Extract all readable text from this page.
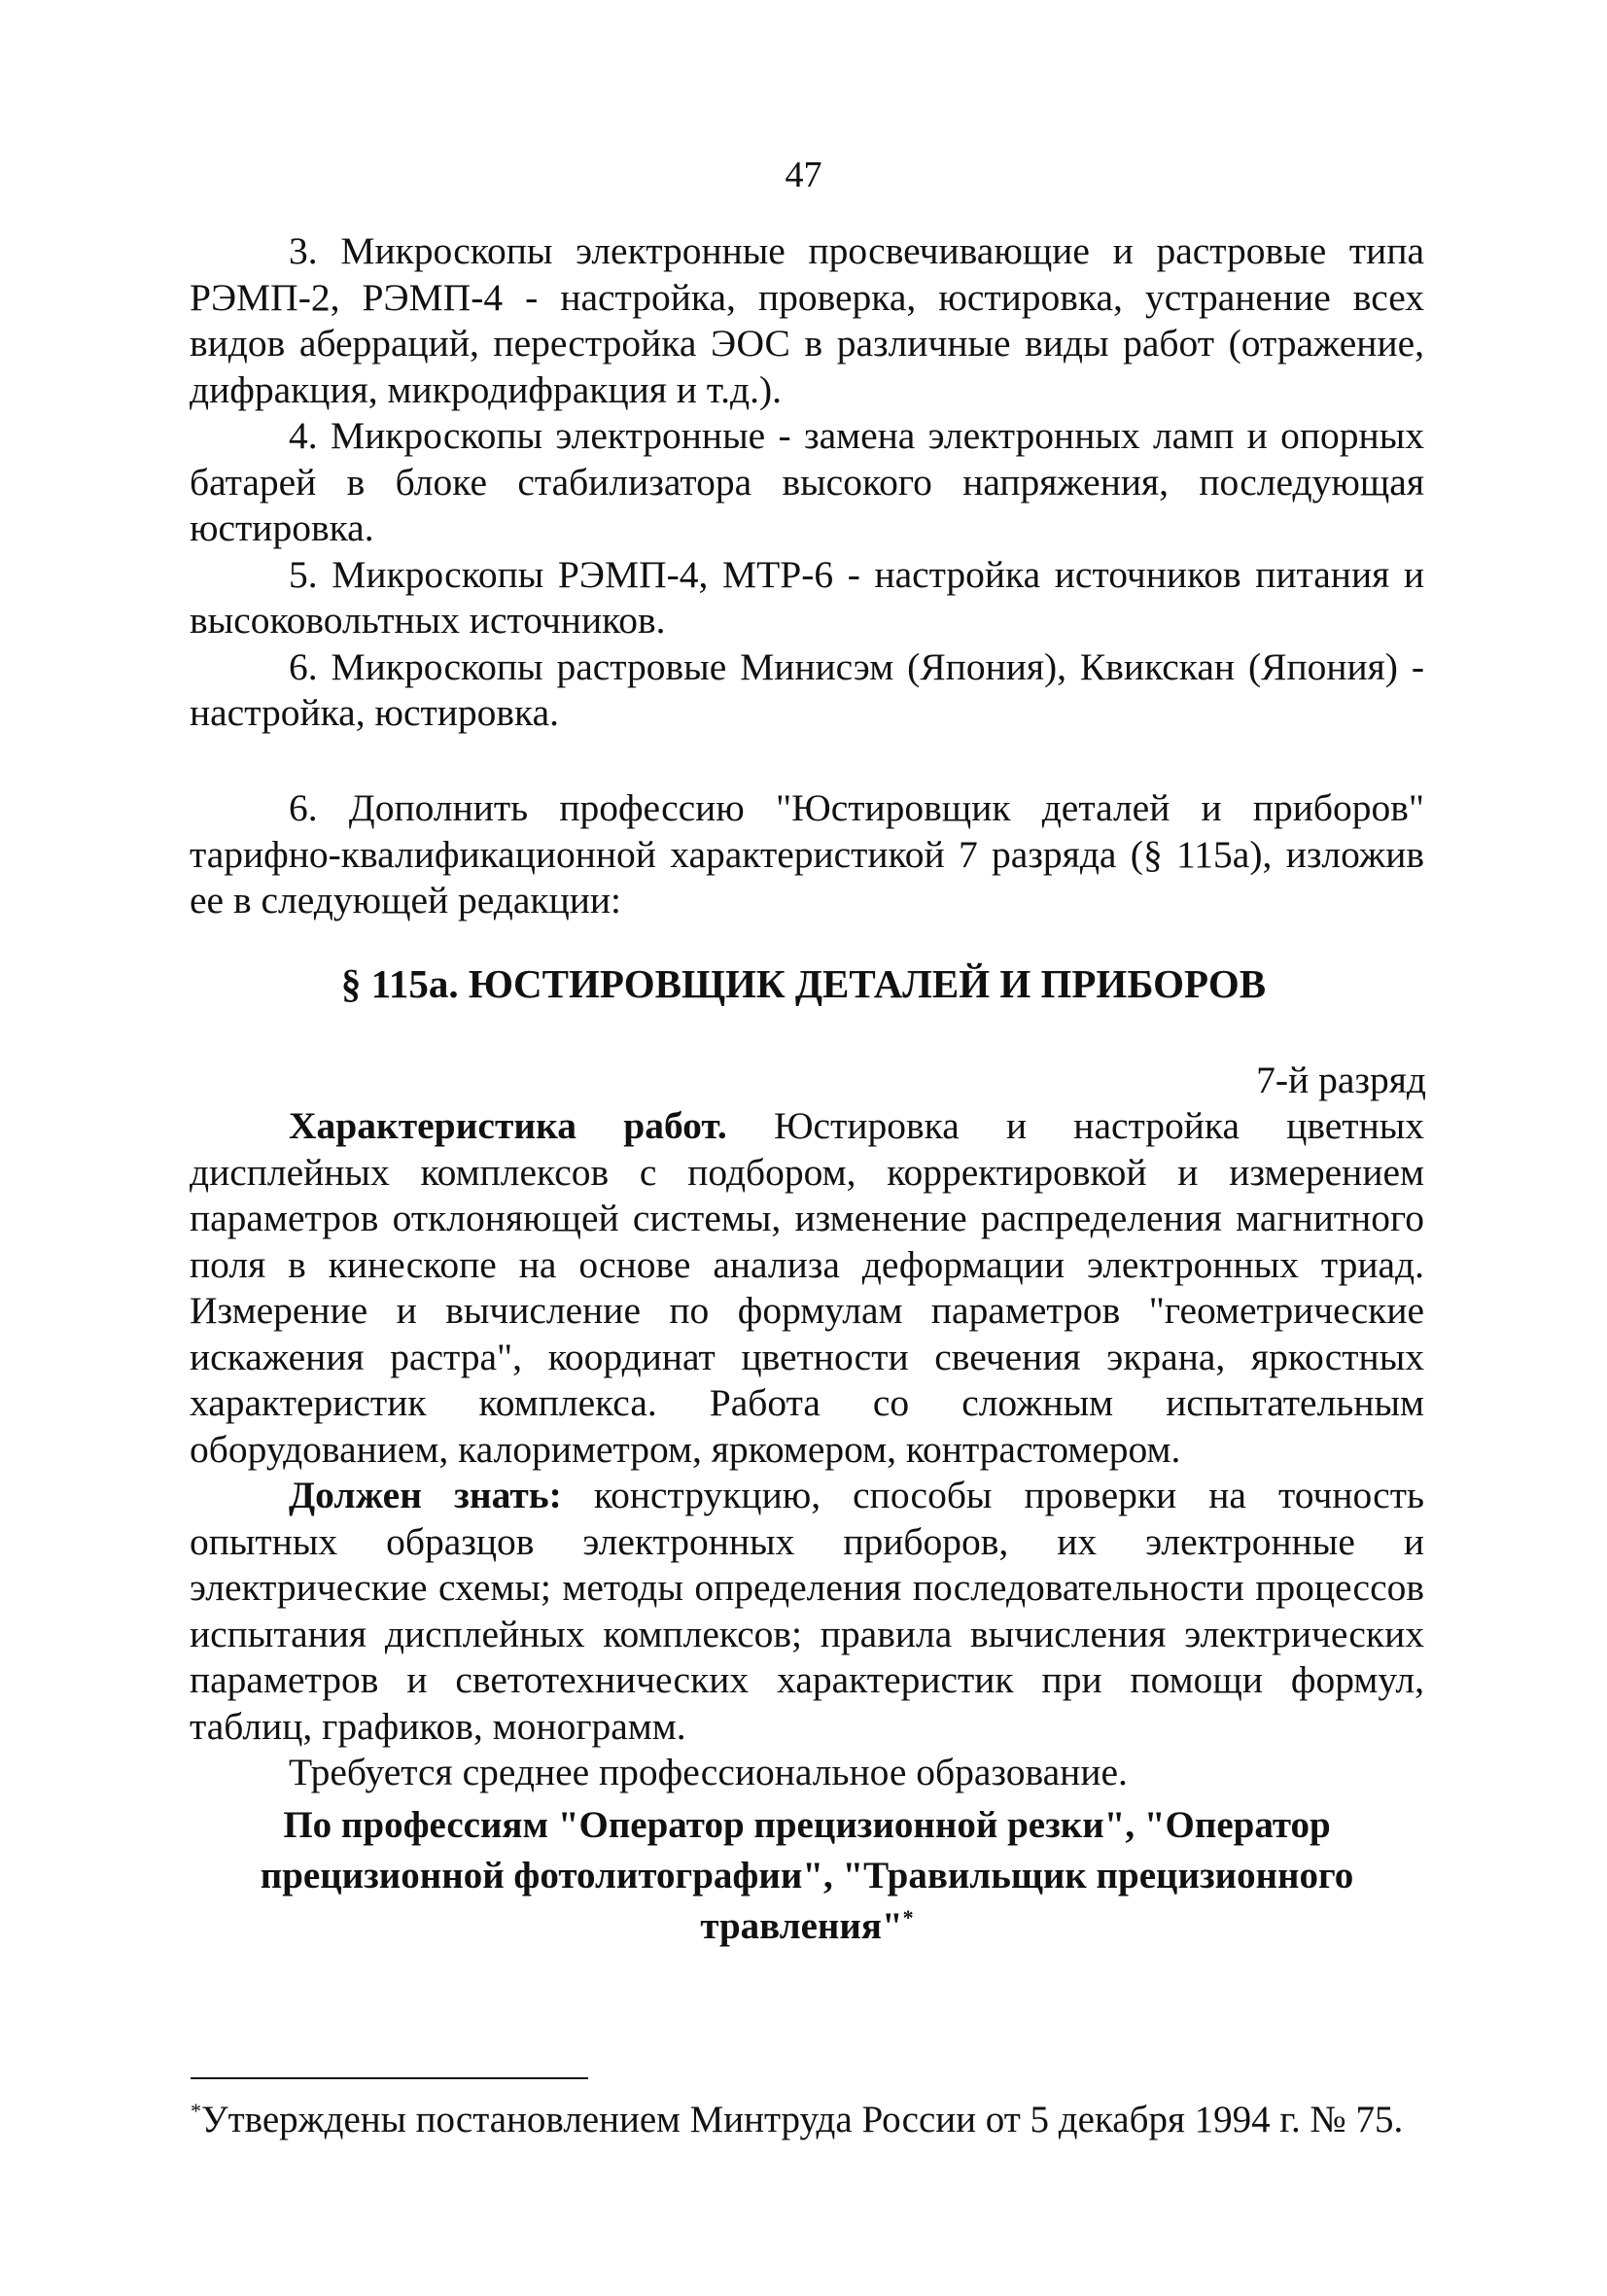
47

3. Микроскопы электронные просвечивающие и растровые типа РЭМП-2, РЭМП-4 - настройка, проверка, юстировка, устранение всех видов аберраций, перестройка ЭОС в различные виды работ (отражение, дифракция, микродифракция и т.д.).

4. Микроскопы электронные - замена электронных ламп и опорных батарей в блоке стабилизатора высокого напряжения, последующая юстировка.

5. Микроскопы РЭМП-4, МТР-6 - настройка источников питания и высоковольтных источников.

6. Микроскопы растровые Минисэм (Япония), Квикскан (Япония) - настройка, юстировка.

6. Дополнить профессию "Юстировщик деталей и приборов" тарифно-квалификационной характеристикой 7 разряда (§ 115а), изложив ее в следующей редакции:

§ 115а. ЮСТИРОВЩИК ДЕТАЛЕЙ И ПРИБОРОВ
7-й разряд

Характеристика работ. Юстировка и настройка цветных дисплейных комплексов с подбором, корректировкой и измерением параметров отклоняющей системы, изменение распределения магнитного поля в кинескопе на основе анализа деформации электронных триад. Измерение и вычисление по формулам параметров "геометрические искажения растра", координат цветности свечения экрана, яркостных характеристик комплекса. Работа со сложным испытательным оборудованием, калориметром, яркомером, контрастомером.

Должен знать: конструкцию, способы проверки на точность опытных образцов электронных приборов, их электронные и электрические схемы; методы определения последовательности процессов испытания дисплейных комплексов; правила вычисления электрических параметров и светотехнических характеристик при помощи формул, таблиц, графиков, монограмм.

Требуется среднее профессиональное образование.

По профессиям "Оператор прецизионной резки", "Оператор
прецизионной фотолитографии", "Травильщик прецизионного
травления"*
*Утверждены постановлением Минтруда России от 5 декабря 1994 г. № 75.
